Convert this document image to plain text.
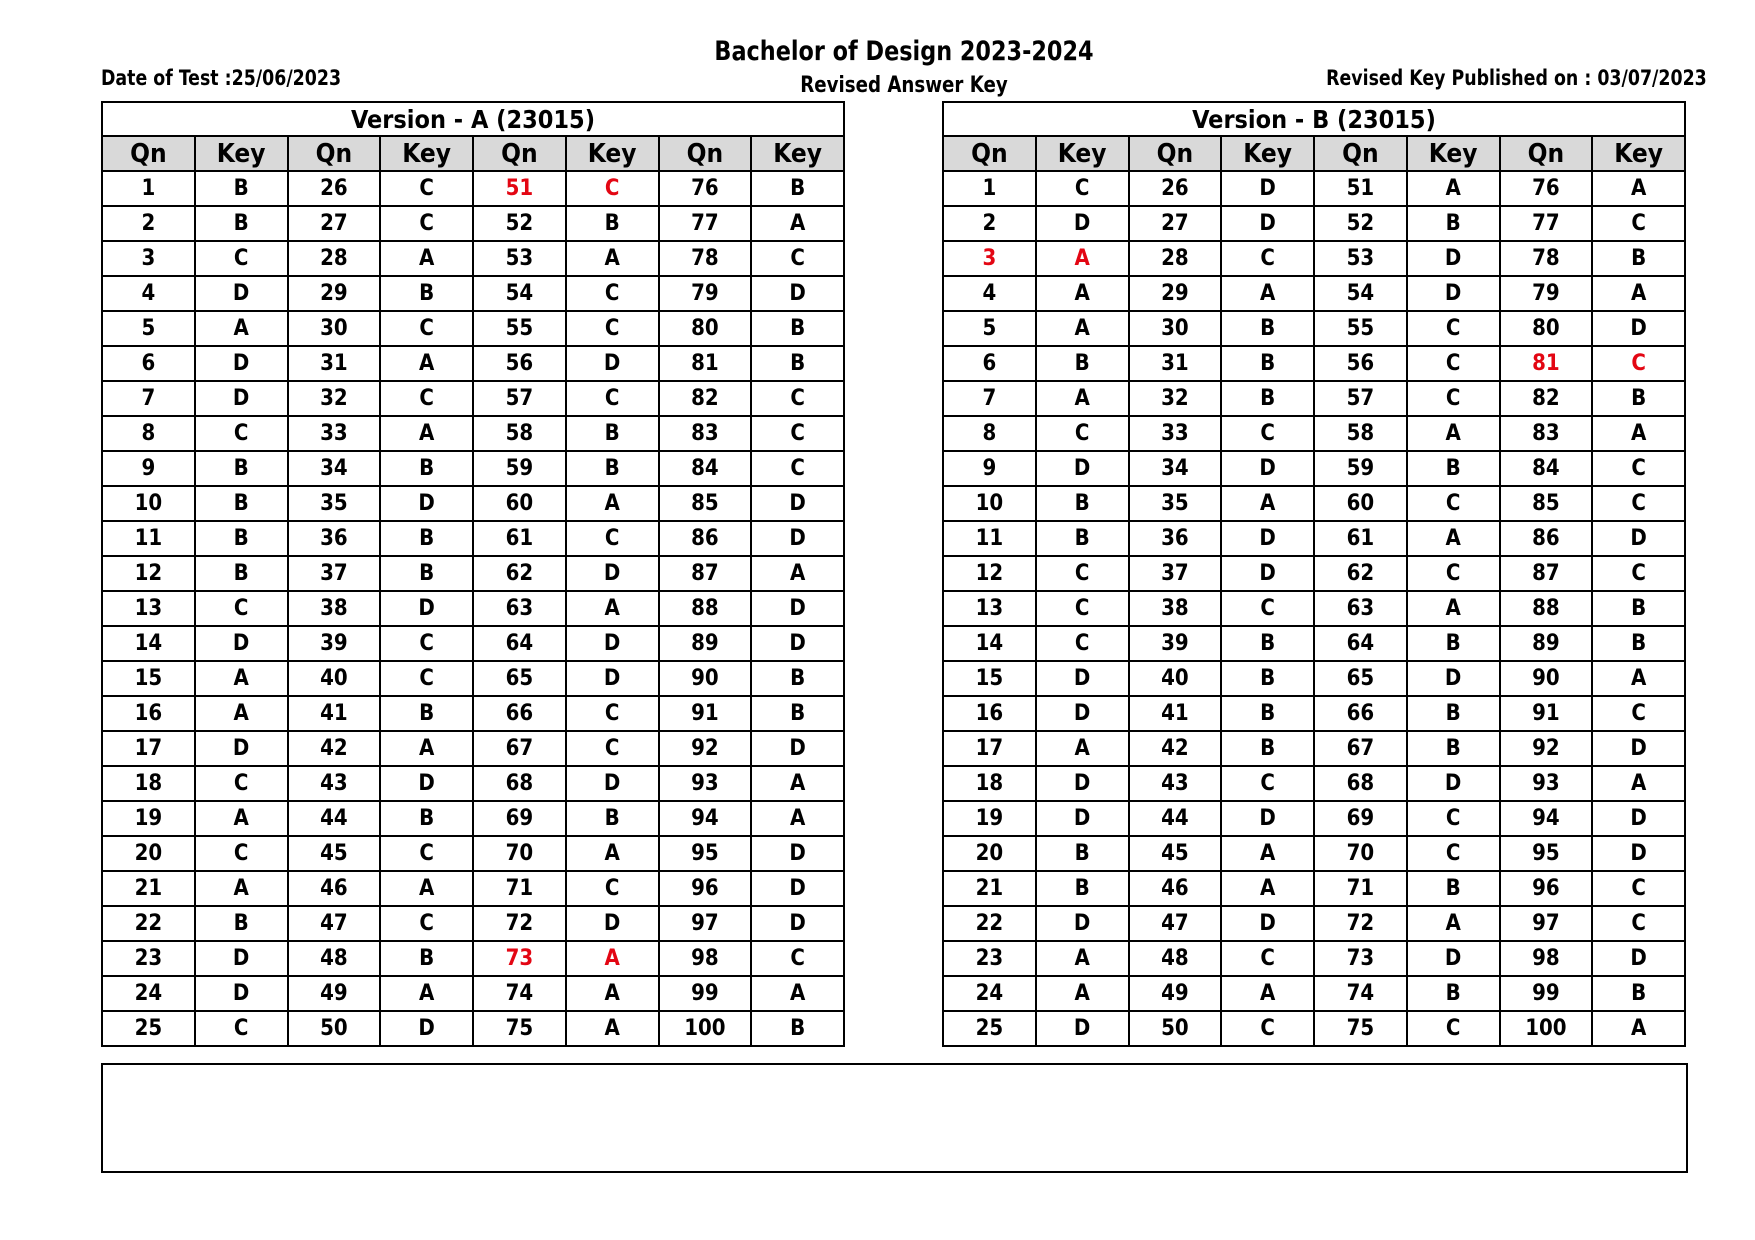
Bachelor of Design 2023-2024
Date of Test :25/06/2023	Revised Answer Key	Revised Key Published on : 03/07/2023
Version - A (23015)							
Qn	Key	Qn	Key	Qn	Key	Qn	Key
1	B	26	C	51	C	76	B
2	B	27	C	52	B	77	A
3	C	28	A	53	A	78	C
4	D	29	B	54	C	79	D
5	A	30	C	55	C	80	B
6	D	31	A	56	D	81	B
7	D	32	C	57	C	82	C
8	C	33	A	58	B	83	C
9	B	34	B	59	B	84	C
10	B	35	D	60	A	85	D
11	B	36	B	61	C	86	D
12	B	37	B	62	D	87	A
13	C	38	D	63	A	88	D
14	D	39	C	64	D	89	D
15	A	40	C	65	D	90	B
16	A	41	B	66	C	91	B
17	D	42	A	67	C	92	D
18	C	43	D	68	D	93	A
19	A	44	B	69	B	94	A
20	C	45	C	70	A	95	D
21	A	46	A	71	C	96	D
22	B	47	C	72	D	97	D
23	D	48	B	73	A	98	C
24	D	49	A	74	A	99	A
25	C	50	D	75	A	100	B
Version - B (23015)							
Qn	Key	Qn	Key	Qn	Key	Qn	Key
1	C	26	D	51	A	76	A
2	D	27	D	52	B	77	C
3	A	28	C	53	D	78	B
4	A	29	A	54	D	79	A
5	A	30	B	55	C	80	D
6	B	31	B	56	C	81	C
7	A	32	B	57	C	82	B
8	C	33	C	58	A	83	A
9	D	34	D	59	B	84	C
10	B	35	A	60	C	85	C
11	B	36	D	61	A	86	D
12	C	37	D	62	C	87	C
13	C	38	C	63	A	88	B
14	C	39	B	64	B	89	B
15	D	40	B	65	D	90	A
16	D	41	B	66	B	91	C
17	A	42	B	67	B	92	D
18	D	43	C	68	D	93	A
19	D	44	D	69	C	94	D
20	B	45	A	70	C	95	D
21	B	46	A	71	B	96	C
22	D	47	D	72	A	97	C
23	A	48	C	73	D	98	D
24	A	49	A	74	B	99	B
25	D	50	C	75	C	100	A
